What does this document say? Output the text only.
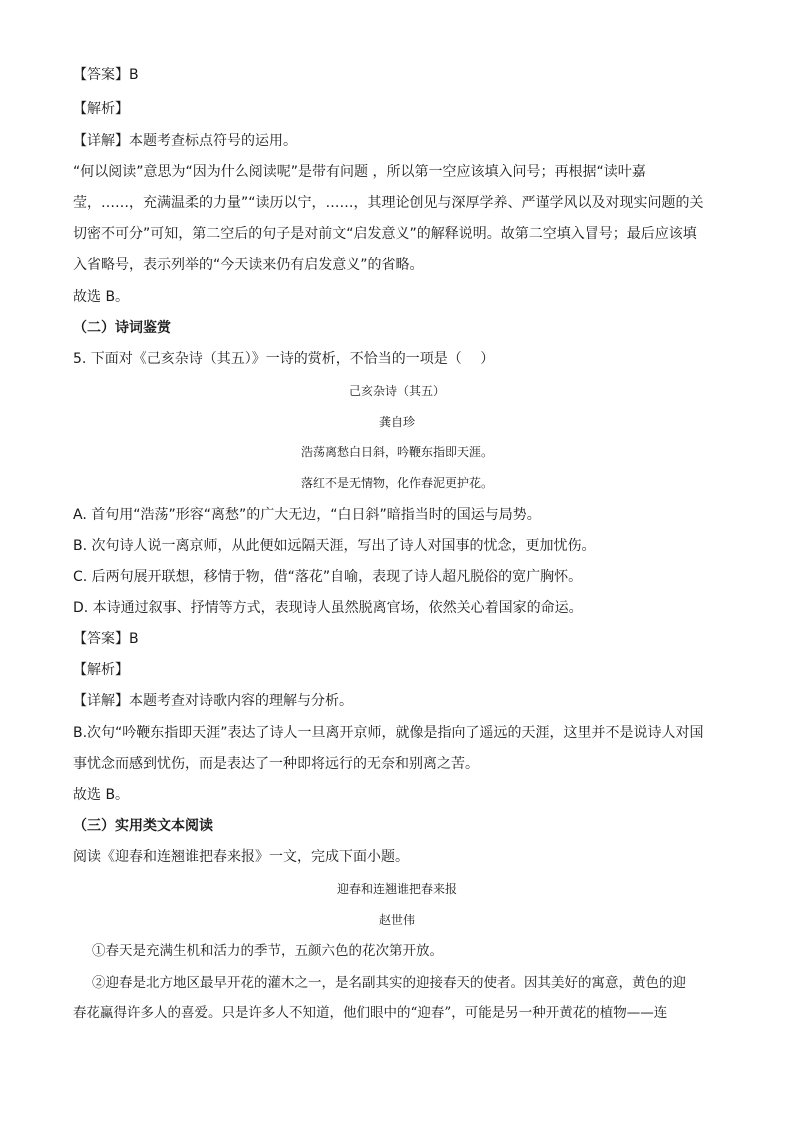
【答案】B
【解析】
【详解】本题考查标点符号的运用。
“何以阅读”意思为“因为什么阅读呢”是带有问题 ，所以第一空应该填入问号；再根据“读叶嘉
莹，……，充满温柔的力量”“读历以宁，……，其理论创见与深厚学养、严谨学风以及对现实问题的关
切密不可分”可知，第二空后的句子是对前文“启发意义”的解释说明。故第二空填入冒号；最后应该填
入省略号，表示列举的“今天读来仍有启发意义”的省略。
故选 B。
（二）诗词鉴赏
5. 下面对《己亥杂诗（其五）》一诗的赏析，不恰当的一项是（　 ）
己亥杂诗（其五）
龚自珍
浩荡离愁白日斜，吟鞭东指即天涯。
落红不是无情物，化作春泥更护花。
A. 首句用“浩荡”形容“离愁”的广大无边，“白日斜”暗指当时的国运与局势。
B. 次句诗人说一离京师，从此便如远隔天涯，写出了诗人对国事的忧念，更加忧伤。
C. 后两句展开联想，移情于物，借“落花”自喻，表现了诗人超凡脱俗的宽广胸怀。
D. 本诗通过叙事、抒情等方式，表现诗人虽然脱离官场，依然关心着国家的命运。
【答案】B
【解析】
【详解】本题考查对诗歌内容的理解与分析。
B.次句“吟鞭东指即天涯”表达了诗人一旦离开京师，就像是指向了遥远的天涯，这里并不是说诗人对国
事忧念而感到忧伤，而是表达了一种即将远行的无奈和别离之苦。
故选 B。
（三）实用类文本阅读
阅读《迎春和连翘谁把春来报》一文，完成下面小题。
迎春和连翘谁把春来报
赵世伟
①春天是充满生机和活力的季节，五颜六色的花次第开放。
②迎春是北方地区最早开花的灌木之一，是名副其实的迎接春天的使者。因其美好的寓意，黄色的迎
春花赢得许多人的喜爱。只是许多人不知道，他们眼中的“迎春”，可能是另一种开黄花的植物——连
